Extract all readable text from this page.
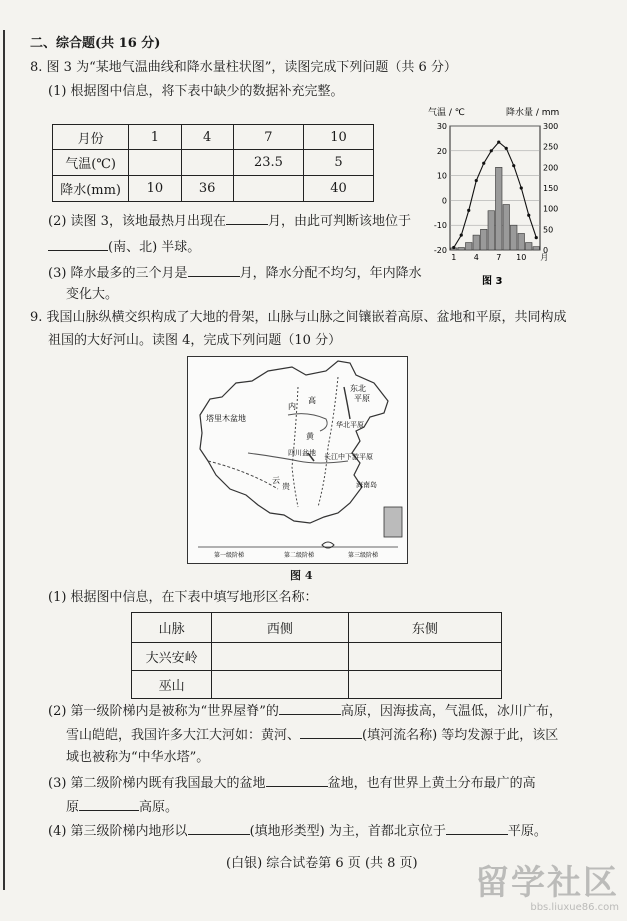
二、综合题(共 16 分)
8. 图 3 为“某地气温曲线和降水量柱状图”，读图完成下列问题（共 6 分）
(1) 根据图中信息，将下表中缺少的数据补充完整。
月份	1	4	7	10
气温(℃)			23.5	5
降水(mm)	10	36		40
(2) 读图 3，该地最热月出现在	月，由此可判断该地位于
(南、北) 半球。
(3) 降水最多的三个月是	月，降水分配不均匀，年内降水
变化大。
气温 / ℃	降水量 / mm
30
20
10
0
-10
-20
300
250
200
150
100
50
0
1 4 7 10 月
图 3
9. 我国山脉纵横交织构成了大地的骨架，山脉与山脉之间镶嵌着高原、盆地和平原，共同构成
祖国的大好河山。读图 4，完成下列问题（10 分）
东北
平原
塔里木盆地
华北平原
四川盆地 长江中下游平原
海南岛
内
高
黄
云
贵
第一级阶梯	第二级阶梯	第三级阶梯
图 4
(1) 根据图中信息，在下表中填写地形区名称：
山脉	西侧	东侧
大兴安岭		
巫山		
(2) 第一级阶梯内是被称为“世界屋脊”的	高原，因海拔高，气温低，冰川广布，
雪山皑皑，我国许多大江大河如：黄河、	(填河流名称) 等均发源于此，该区
域也被称为“中华水塔”。
(3) 第二级阶梯内既有我国最大的盆地	盆地，也有世界上黄土分布最广的高
原	高原。
(4) 第三级阶梯内地形以	(填地形类型) 为主，首都北京位于	平原。
(白银) 综合试卷第 6 页 (共 8 页) 留学社区
bbs.liuxue86.com
